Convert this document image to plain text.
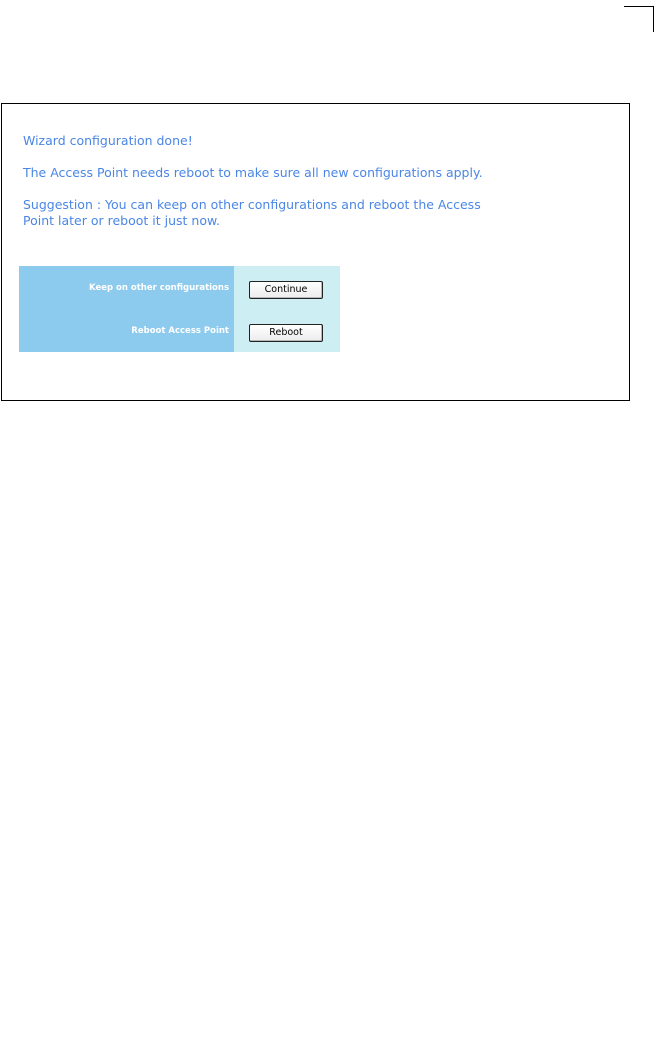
Wizard configuration done!

The Access Point needs reboot to make sure all new configurations apply.

Suggestion : You can keep on other configurations and reboot the Access

Point later or reboot it just now.

Keep on other configurations	Continue
Reboot Access Point	Reboot
